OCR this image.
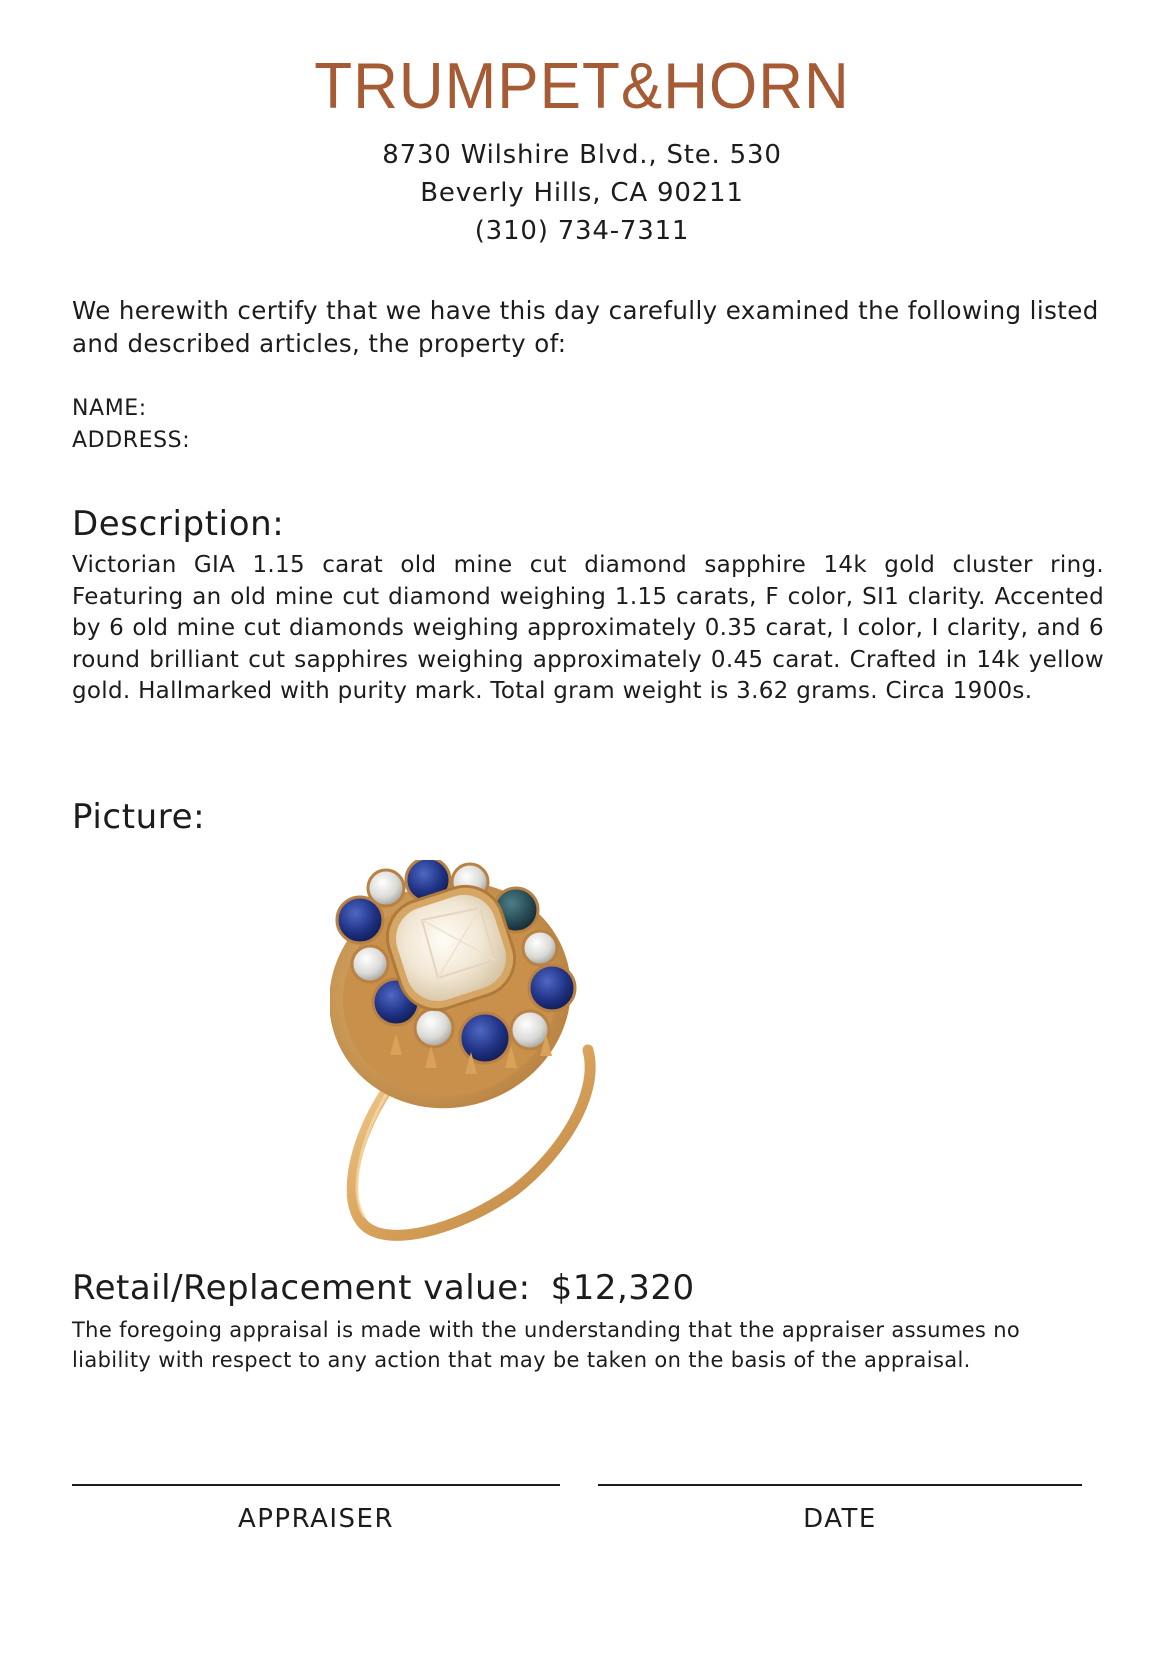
TRUMPET&HORN
8730 Wilshire Blvd., Ste. 530
Beverly Hills, CA 90211
(310) 734-7311
We herewith certify that we have this day carefully examined the following listed and described articles, the property of:
NAME:
ADDRESS:
Description:
Victorian GIA 1.15 carat old mine cut diamond sapphire 14k gold cluster ring. Featuring an old mine cut diamond weighing 1.15 carats, F color, SI1 clarity. Accented by 6 old mine cut diamonds weighing approximately 0.35 carat, I color, I clarity, and 6 round brilliant cut sapphires weighing approximately 0.45 carat. Crafted in 14k yellow gold. Hallmarked with purity mark. Total gram weight is 3.62 grams. Circa 1900s.
Picture:
Retail/Replacement value: $12,320
The foregoing appraisal is made with the understanding that the appraiser assumes no liability with respect to any action that may be taken on the basis of the appraisal.
APPRAISER	DATE
